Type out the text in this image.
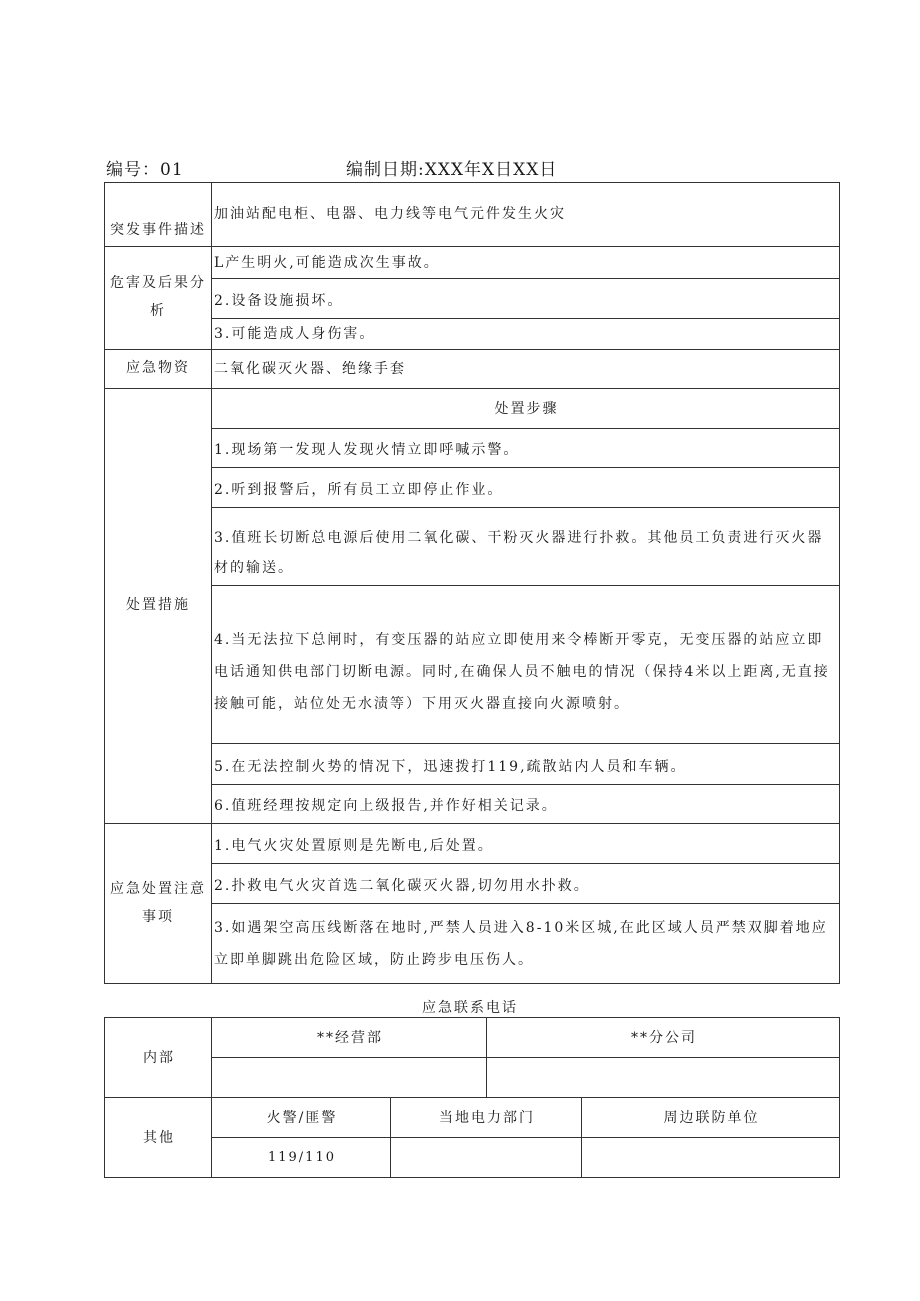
编号：01	编制日期:XXX年X日XX日
突发事件描述	加油站配电柜、电器、电力线等电气元件发生火灾

危害及后果分析	L产生明火,可能造成次生事故。
	2.设备设施损坏。
	3.可能造成人身伤害。
应急物资	二氧化碳灭火器、绝缘手套
处置措施	处置步骤
	1.现场第一发现人发现火情立即呼喊示警。
	2.听到报警后，所有员工立即停止作业。
	3.值班长切断总电源后使用二氧化碳、干粉灭火器进行扑救。其他员工负责进行灭火器材的输送。
	4.当无法拉下总闸时，有变压器的站应立即使用来令棒断开零克，无变压器的站应立即电话通知供电部门切断电源。同时,在确保人员不触电的情况（保持4米以上距离,无直接接触可能，站位处无水渍等）下用灭火器直接向火源喷射。
	5.在无法控制火势的情况下，迅速拨打119,疏散站内人员和车辆。
	6.值班经理按规定向上级报告,并作好相关记录。

应急处置注意事项	1.电气火灾处置原则是先断电,后处置。
	2.扑救电气火灾首选二氧化碳灭火器,切勿用水扑救。
	3.如遇架空高压线断落在地时,严禁人员进入8-10米区城,在此区域人员严禁双脚着地应立即单脚跳出危险区域，防止跨步电压伤人。
应急联系电话
内部	**经营部		**分公司	

其他	火警/匪警	当地电力部门		周边联防单位
	119/110			
